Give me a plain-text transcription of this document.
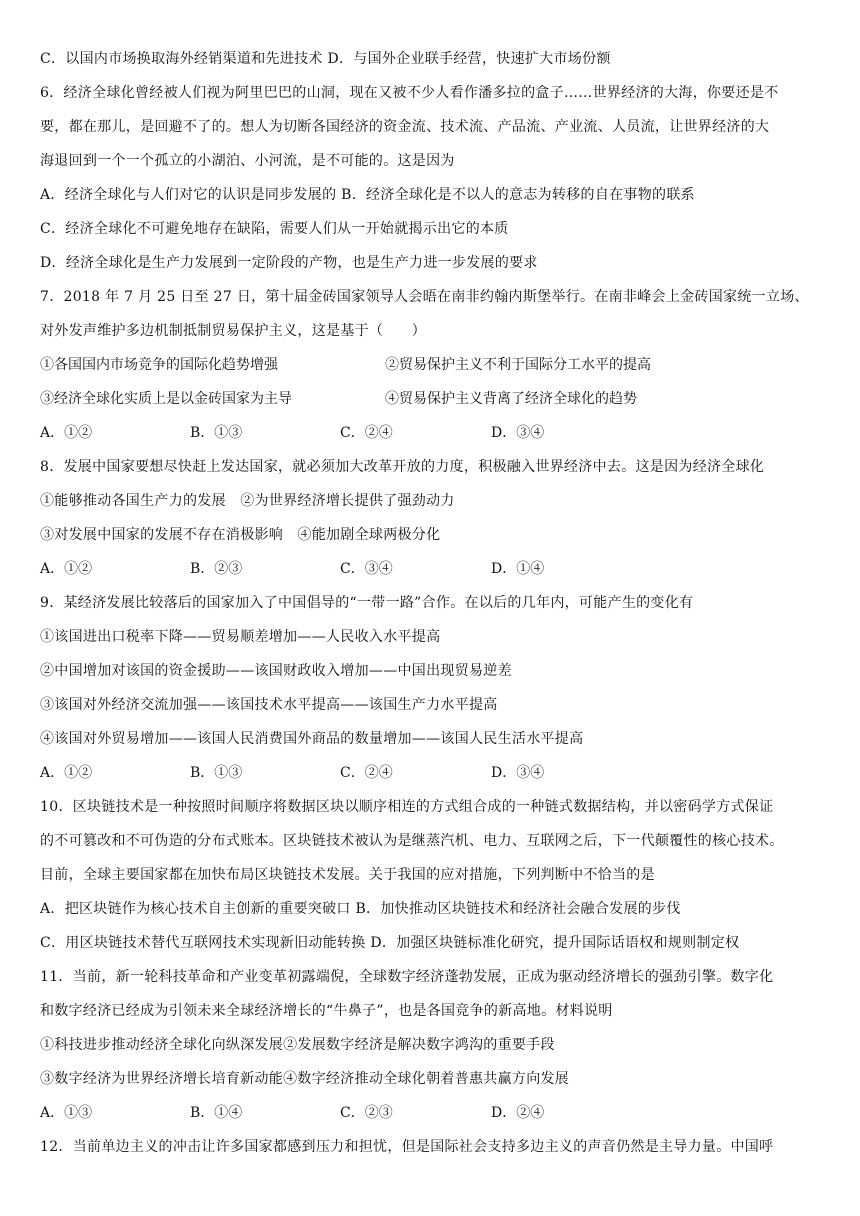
C．以国内市场换取海外经销渠道和先进技术 D．与国外企业联手经营，快速扩大市场份额
6．经济全球化曾经被人们视为阿里巴巴的山洞，现在又被不少人看作潘多拉的盒子……世界经济的大海，你要还是不
要，都在那儿，是回避不了的。想人为切断各国经济的资金流、技术流、产品流、产业流、人员流，让世界经济的大
海退回到一个一个孤立的小湖泊、小河流，是不可能的。这是因为
A．经济全球化与人们对它的认识是同步发展的 B．经济全球化是不以人的意志为转移的自在事物的联系
C．经济全球化不可避免地存在缺陷，需要人们从一开始就揭示出它的本质
D．经济全球化是生产力发展到一定阶段的产物，也是生产力进一步发展的要求
7．2018 年 7 月 25 日至 27 日，第十届金砖国家领导人会晤在南非约翰内斯堡举行。在南非峰会上金砖国家统一立场、
对外发声维护多边机制抵制贸易保护主义，这是基于（　　）
①各国国内市场竞争的国际化趋势增强	②贸易保护主义不利于国际分工水平的提高
③经济全球化实质上是以金砖国家为主导	④贸易保护主义背离了经济全球化的趋势
A．①②	B．①③	C．②④	D．③④
8．发展中国家要想尽快赶上发达国家，就必须加大改革开放的力度，积极融入世界经济中去。这是因为经济全球化
①能够推动各国生产力的发展　②为世界经济增长提供了强劲动力
③对发展中国家的发展不存在消极影响　④能加剧全球两极分化
A．①②	B．②③	C．③④	D．①④
9．某经济发展比较落后的国家加入了中国倡导的“一带一路”合作。在以后的几年内，可能产生的变化有
①该国进出口税率下降——贸易顺差增加——人民收入水平提高
②中国增加对该国的资金援助——该国财政收入增加——中国出现贸易逆差
③该国对外经济交流加强——该国技术水平提高——该国生产力水平提高
④该国对外贸易增加——该国人民消费国外商品的数量增加——该国人民生活水平提高
A．①②	B．①③	C．②④	D．③④
10．区块链技术是一种按照时间顺序将数据区块以顺序相连的方式组合成的一种链式数据结构，并以密码学方式保证
的不可篡改和不可伪造的分布式账本。区块链技术被认为是继蒸汽机、电力、互联网之后，下一代颠覆性的核心技术。
目前，全球主要国家都在加快布局区块链技术发展。关于我国的应对措施，下列判断中不恰当的是
A．把区块链作为核心技术自主创新的重要突破口 B．加快推动区块链技术和经济社会融合发展的步伐
C．用区块链技术替代互联网技术实现新旧动能转换 D．加强区块链标准化研究，提升国际话语权和规则制定权
11．当前，新一轮科技革命和产业变革初露端倪，全球数字经济蓬勃发展，正成为驱动经济增长的强劲引擎。数字化
和数字经济已经成为引领未来全球经济增长的“牛鼻子”，也是各国竞争的新高地。材料说明
①科技进步推动经济全球化向纵深发展②发展数字经济是解决数字鸿沟的重要手段
③数字经济为世界经济增长培育新动能④数字经济推动全球化朝着普惠共赢方向发展
A．①③	B．①④	C．②③	D．②④
12．当前单边主义的冲击让许多国家都感到压力和担忧，但是国际社会支持多边主义的声音仍然是主导力量。中国呼
